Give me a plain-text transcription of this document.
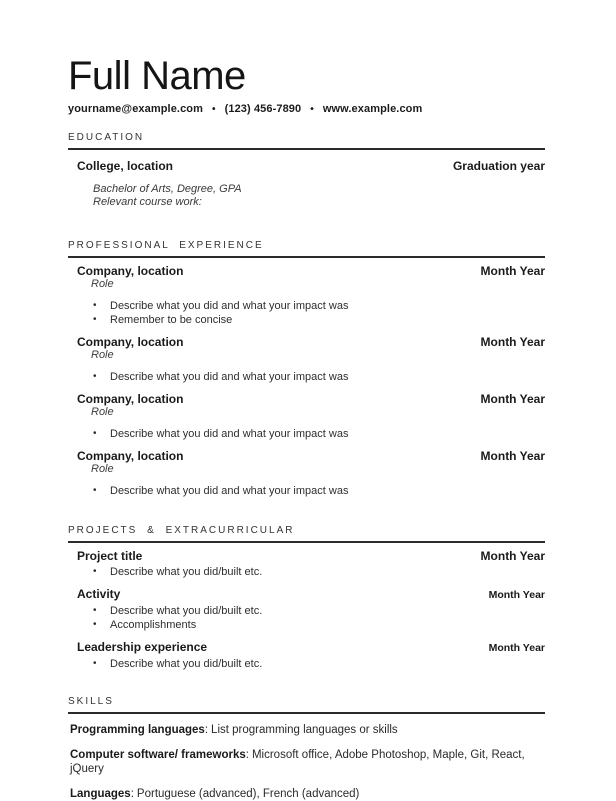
Full Name
yourname@example.com • (123) 456-7890 • www.example.com
EDUCATION
College, location	Graduation year
Bachelor of Arts, Degree, GPA
Relevant course work:
PROFESSIONAL EXPERIENCE
Company, location	Month Year
Role
•	Describe what you did and what your impact was
•	Remember to be concise
Company, location	Month Year
Role
•	Describe what you did and what your impact was
Company, location	Month Year
Role
•	Describe what you did and what your impact was
Company, location	Month Year
Role
•	Describe what you did and what your impact was
PROJECTS & EXTRACURRICULAR
Project title	Month Year
•	Describe what you did/built etc.
Activity	Month Year
•	Describe what you did/built etc.
•	Accomplishments
Leadership experience	Month Year
•	Describe what you did/built etc.
SKILLS
Programming languages: List programming languages or skills
Computer software/ frameworks: Microsoft office, Adobe Photoshop, Maple, Git, React, jQuery
Languages: Portuguese (advanced), French (advanced)
